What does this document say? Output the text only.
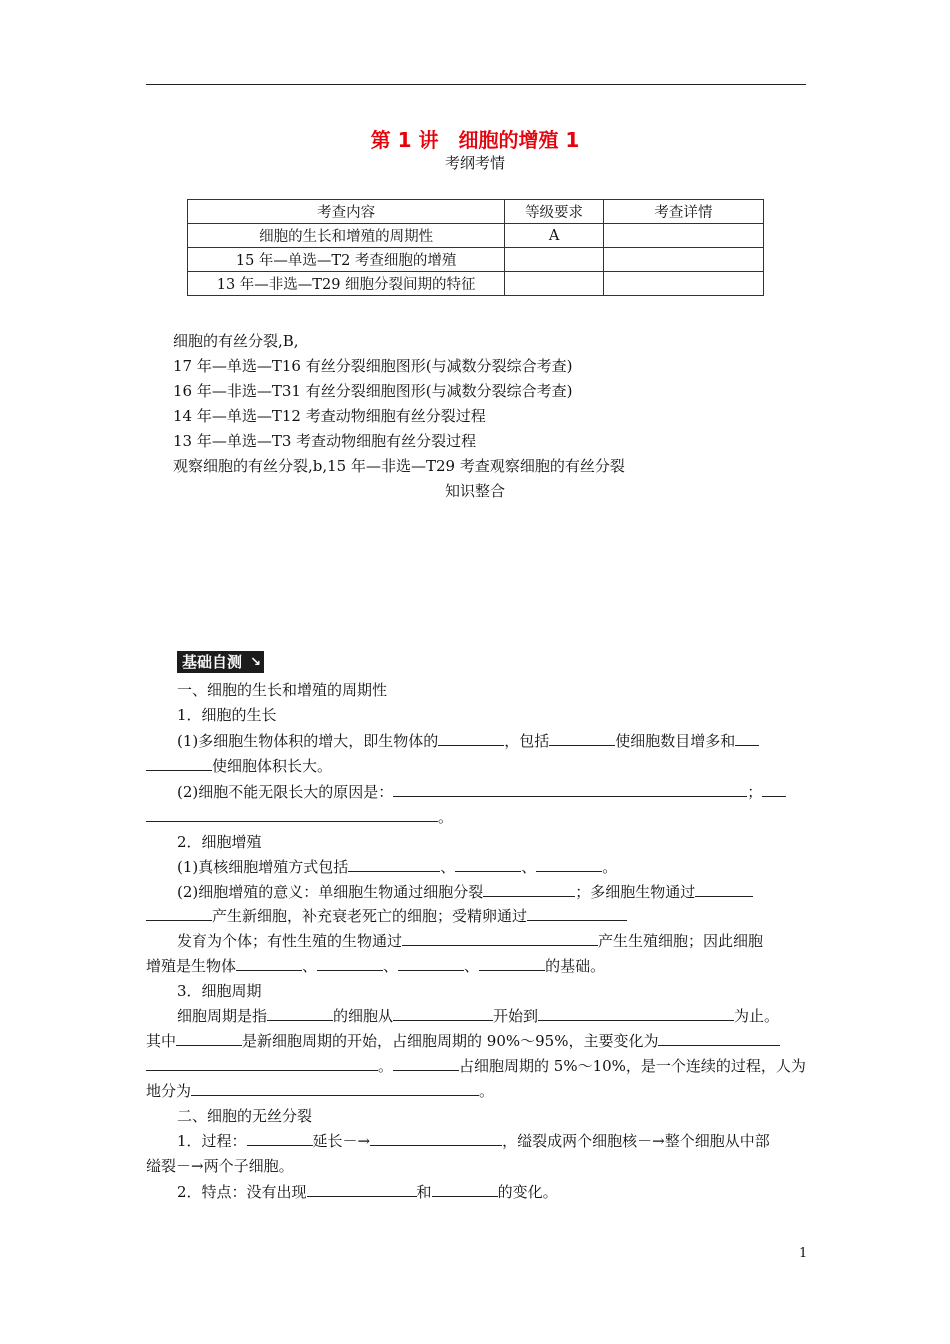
第 1 讲　细胞的增殖 1
考纲考情
考查内容	等级要求	考查详情
细胞的生长和增殖的周期性	A	
15 年—单选—T2 考查细胞的增殖		
13 年—非选—T29 细胞分裂间期的特征		
细胞的有丝分裂,B,
17 年—单选—T16 有丝分裂细胞图形(与减数分裂综合考查)
16 年—非选—T31 有丝分裂细胞图形(与减数分裂综合考查)
14 年—单选—T12 考查动物细胞有丝分裂过程
13 年—单选—T3 考查动物细胞有丝分裂过程
观察细胞的有丝分裂,b,15 年—非选—T29 考查观察细胞的有丝分裂
知识整合
基础自测 ↘
一、细胞的生长和增殖的周期性
1．细胞的生长
(1)多细胞生物体积的增大，即生物体的	，包括	使细胞数目增多和
使细胞体积长大。
(2)细胞不能无限长大的原因是：	；
。
2．细胞增殖
(1)真核细胞增殖方式包括	、	、	。
(2)细胞增殖的意义：单细胞生物通过细胞分裂	；多细胞生物通过
产生新细胞，补充衰老死亡的细胞；受精卵通过
发育为个体；有性生殖的生物通过	产生生殖细胞；因此细胞
增殖是生物体	、	、	、	的基础。
3．细胞周期
细胞周期是指	的细胞从	开始到	为止。
其中	是新细胞周期的开始，占细胞周期的 90%～95%，主要变化为
。	占细胞周期的 5%～10%，是一个连续的过程，人为
地分为	。
二、细胞的无丝分裂
1．过程：	延长－→	，缢裂成两个细胞核－→整个细胞从中部
缢裂－→两个子细胞。
2．特点：没有出现	和	的变化。
1
